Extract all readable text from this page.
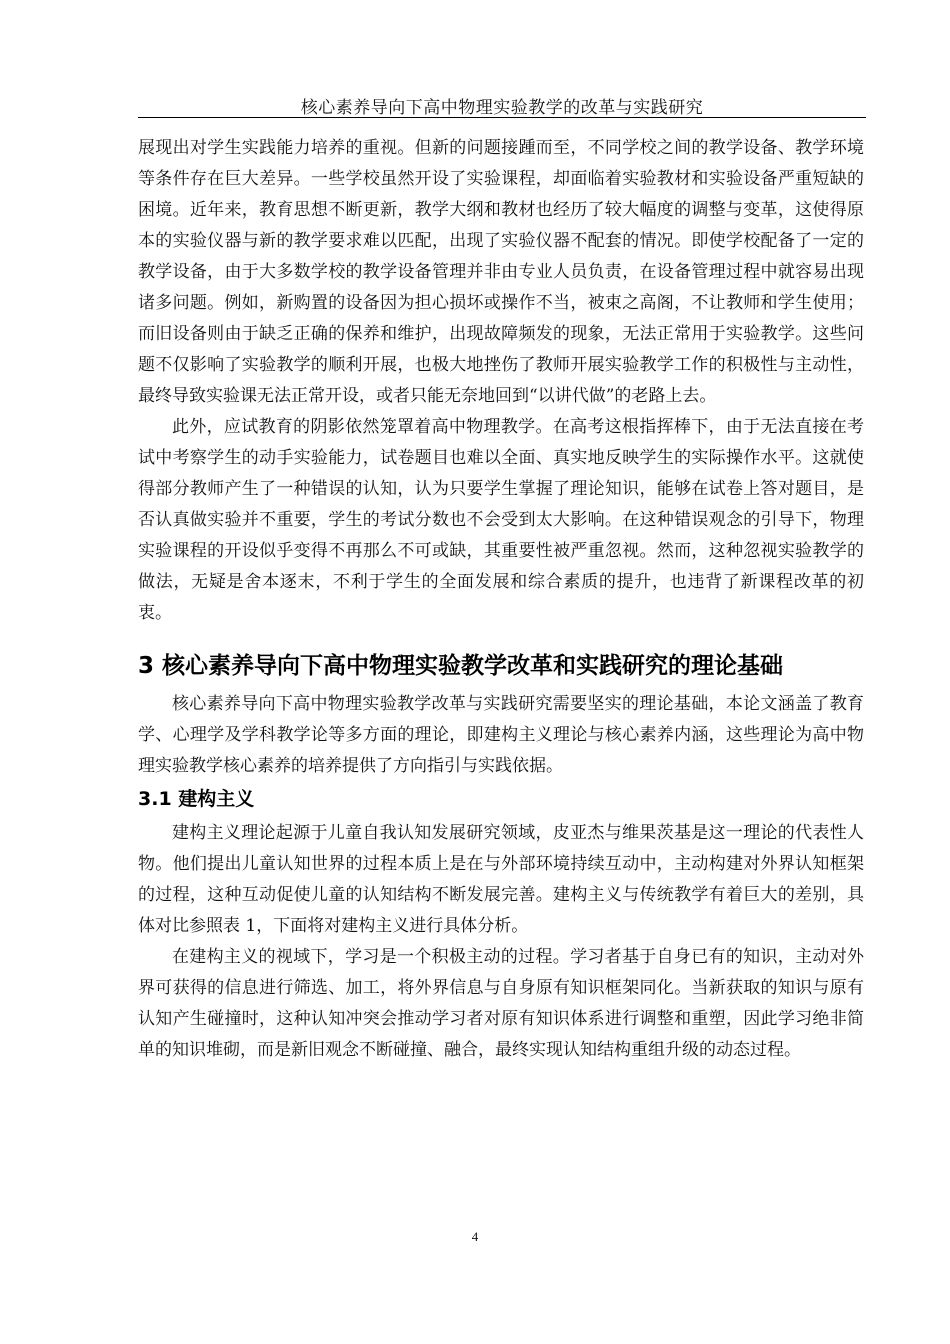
核心素养导向下高中物理实验教学的改革与实践研究

展现出对学生实践能力培养的重视。但新的问题接踵而至，不同学校之间的教学设备、教学环境等条件存在巨大差异。一些学校虽然开设了实验课程，却面临着实验教材和实验设备严重短缺的困境。近年来，教育思想不断更新，教学大纲和教材也经历了较大幅度的调整与变革，这使得原本的实验仪器与新的教学要求难以匹配，出现了实验仪器不配套的情况。即使学校配备了一定的教学设备，由于大多数学校的教学设备管理并非由专业人员负责，在设备管理过程中就容易出现诸多问题。例如，新购置的设备因为担心损坏或操作不当，被束之高阁，不让教师和学生使用；而旧设备则由于缺乏正确的保养和维护，出现故障频发的现象，无法正常用于实验教学。这些问题不仅影响了实验教学的顺利开展，也极大地挫伤了教师开展实验教学工作的积极性与主动性，最终导致实验课无法正常开设，或者只能无奈地回到“以讲代做”的老路上去。

此外，应试教育的阴影依然笼罩着高中物理教学。在高考这根指挥棒下，由于无法直接在考试中考察学生的动手实验能力，试卷题目也难以全面、真实地反映学生的实际操作水平。这就使得部分教师产生了一种错误的认知，认为只要学生掌握了理论知识，能够在试卷上答对题目，是否认真做实验并不重要，学生的考试分数也不会受到太大影响。在这种错误观念的引导下，物理实验课程的开设似乎变得不再那么不可或缺，其重要性被严重忽视。然而，这种忽视实验教学的做法，无疑是舍本逐末，不利于学生的全面发展和综合素质的提升，也违背了新课程改革的初衷。

3 核心素养导向下高中物理实验教学改革和实践研究的理论基础

核心素养导向下高中物理实验教学改革与实践研究需要坚实的理论基础，本论文涵盖了教育学、心理学及学科教学论等多方面的理论，即建构主义理论与核心素养内涵，这些理论为高中物理实验教学核心素养的培养提供了方向指引与实践依据。

3.1 建构主义

建构主义理论起源于儿童自我认知发展研究领域，皮亚杰与维果茨基是这一理论的代表性人物。他们提出儿童认知世界的过程本质上是在与外部环境持续互动中，主动构建对外界认知框架的过程，这种互动促使儿童的认知结构不断发展完善。建构主义与传统教学有着巨大的差别，具体对比参照表 1，下面将对建构主义进行具体分析。

在建构主义的视域下，学习是一个积极主动的过程。学习者基于自身已有的知识，主动对外界可获得的信息进行筛选、加工，将外界信息与自身原有知识框架同化。当新获取的知识与原有认知产生碰撞时，这种认知冲突会推动学习者对原有知识体系进行调整和重塑，因此学习绝非简单的知识堆砌，而是新旧观念不断碰撞、融合，最终实现认知结构重组升级的动态过程。

4
